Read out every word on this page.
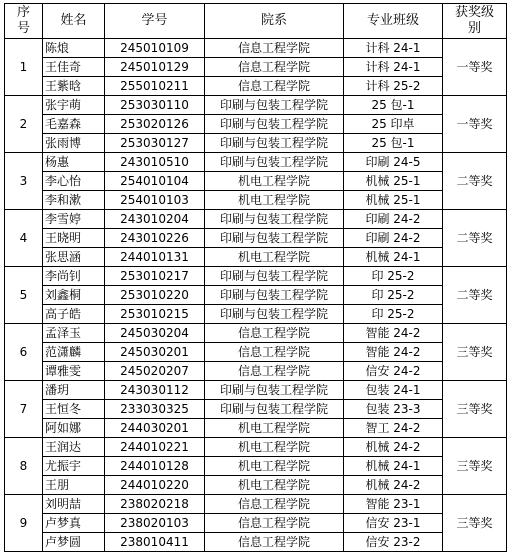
序号	姓名	学号	院系	专业班级	获奖级别
1	陈烺	245010109	信息工程学院	计科 24-1	一等奖
	王佳奇	245010129	信息工程学院	计科 24-1	
	王紫晗	255010211	信息工程学院	计科 25-2	
2	张宇萌	253030110	印刷与包装工程学院	25 包-1	一等奖
	毛嘉森	253020126	印刷与包装工程学院	25 印卓	
	张雨博	253030127	印刷与包装工程学院	25 包-1	
3	杨惠	243010510	印刷与包装工程学院	印刷 24-5	二等奖
	李心怡	254010104	机电工程学院	机械 25-1	
	李和漱	254010103	机电工程学院	机械 25-1	
4	李雪婷	243010204	印刷与包装工程学院	印刷 24-2	二等奖
	王晓明	243010226	印刷与包装工程学院	印刷 24-2	
	张思涵	244010131	机电工程学院	机械 24-1	
5	李尚钊	253010217	印刷与包装工程学院	印 25-2	二等奖
	刘鑫桐	253010220	印刷与包装工程学院	印 25-2	
	高子皓	253010215	印刷与包装工程学院	印 25-2	
6	孟泽玉	245030204	信息工程学院	智能 24-2	三等奖
	范潇麟	245030201	信息工程学院	智能 24-2	
	谭雅雯	245020207	信息工程学院	信安 24-2	
7	潘玥	243030112	印刷与包装工程学院	包装 24-1	三等奖
	王恒冬	233030325	印刷与包装工程学院	包装 23-3	
	阿如娜	244030201	机电工程学院	智工 24-2	
8	王润达	244010221	机电工程学院	机械 24-2	三等奖
	尤振宇	244010128	机电工程学院	机械 24-1	
	王朋	244010220	机电工程学院	机械 24-2	
9	刘明喆	238020218	信息工程学院	智能 23-1	三等奖
	卢梦真	238020103	信息工程学院	信安 23-1	
	卢梦圆	238010411	信息工程学院	信安 23-2	
